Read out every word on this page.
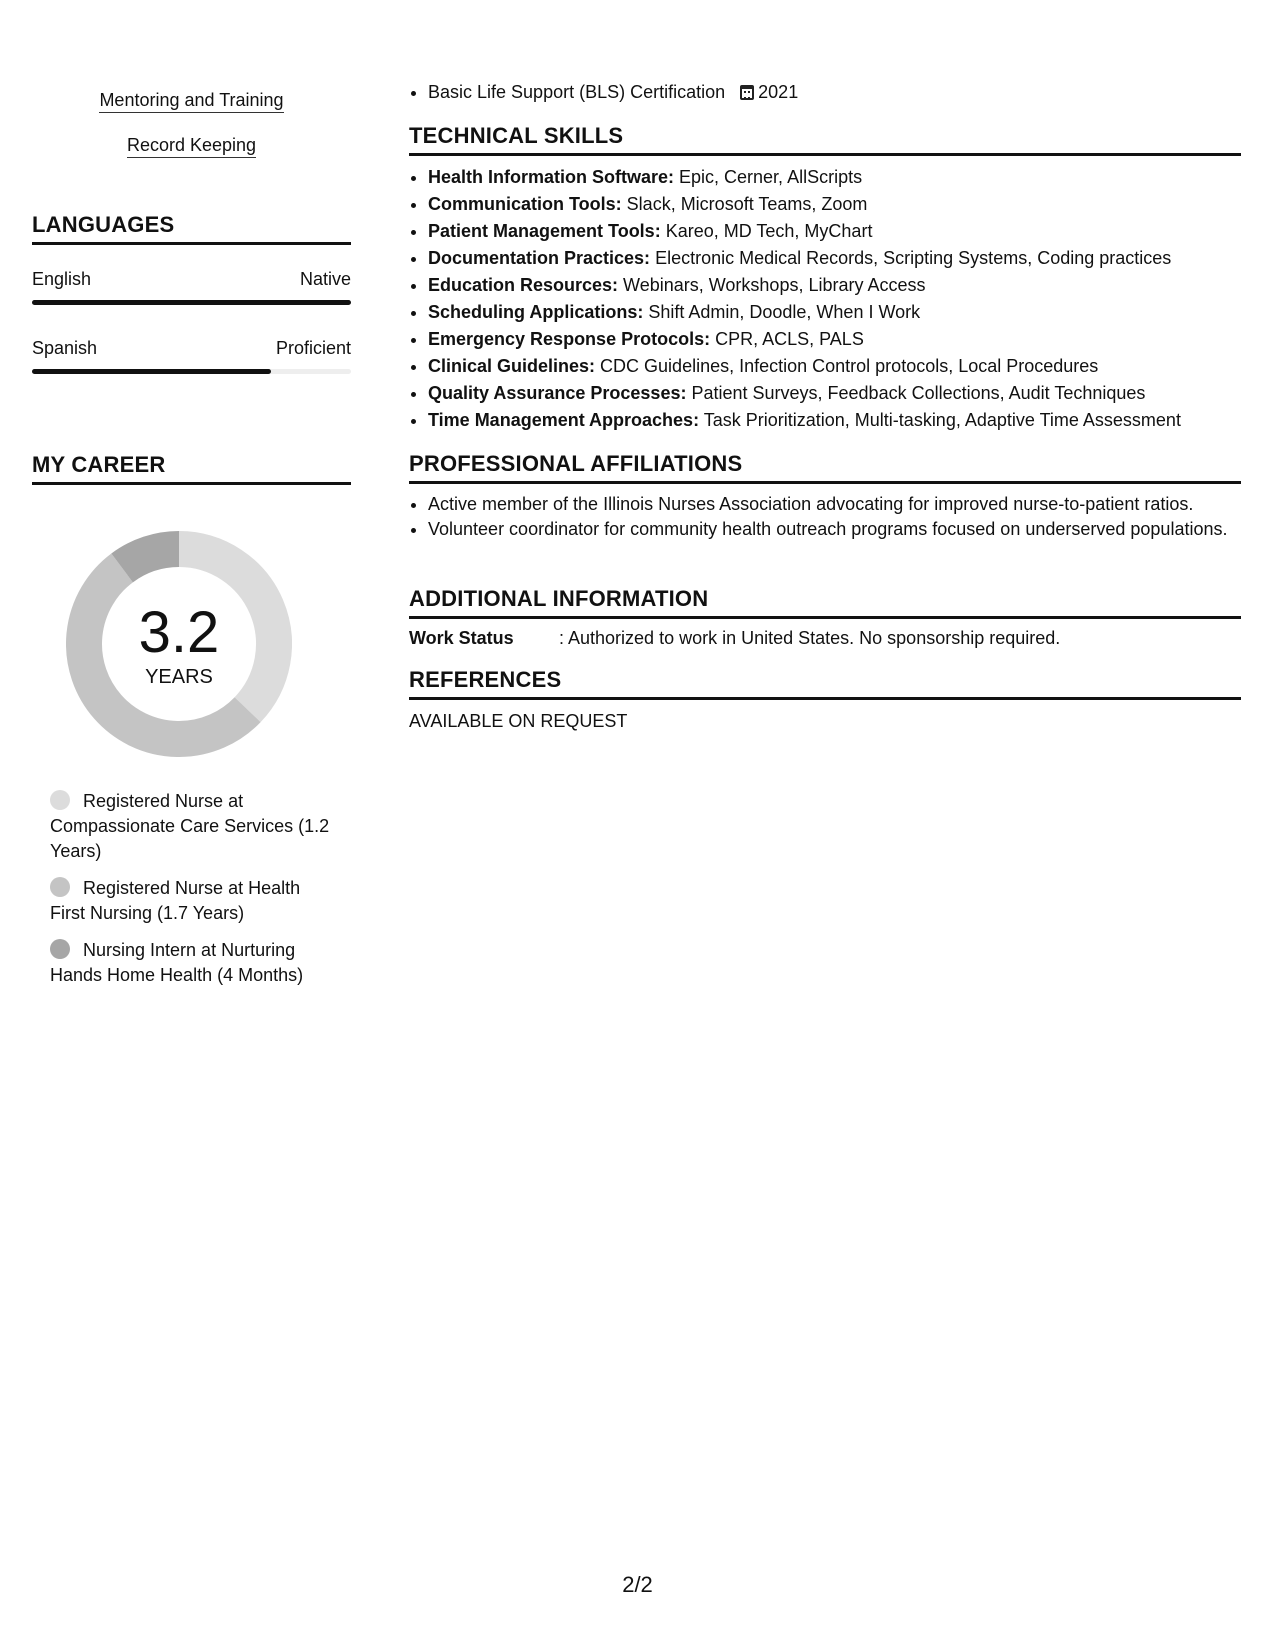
Mentoring and Training
Record Keeping
LANGUAGES
English	Native
Spanish	Proficient
MY CAREER
3.2
YEARS
Registered Nurse at Compassionate Care Services (1.2 Years)
Registered Nurse at Health First Nursing (1.7 Years)
Nursing Intern at Nurturing Hands Home Health (4 Months)
• Basic Life Support (BLS) Certification 2021
TECHNICAL SKILLS
• Health Information Software: Epic, Cerner, AllScripts
• Communication Tools: Slack, Microsoft Teams, Zoom
• Patient Management Tools: Kareo, MD Tech, MyChart
• Documentation Practices: Electronic Medical Records, Scripting Systems, Coding practices
• Education Resources: Webinars, Workshops, Library Access
• Scheduling Applications: Shift Admin, Doodle, When I Work
• Emergency Response Protocols: CPR, ACLS, PALS
• Clinical Guidelines: CDC Guidelines, Infection Control protocols, Local Procedures
• Quality Assurance Processes: Patient Surveys, Feedback Collections, Audit Techniques
• Time Management Approaches: Task Prioritization, Multi-tasking, Adaptive Time Assessment
PROFESSIONAL AFFILIATIONS
• Active member of the Illinois Nurses Association advocating for improved nurse-to-patient ratios.
• Volunteer coordinator for community health outreach programs focused on underserved populations.
ADDITIONAL INFORMATION
Work Status	: Authorized to work in United States. No sponsorship required.
REFERENCES
AVAILABLE ON REQUEST
2/2
